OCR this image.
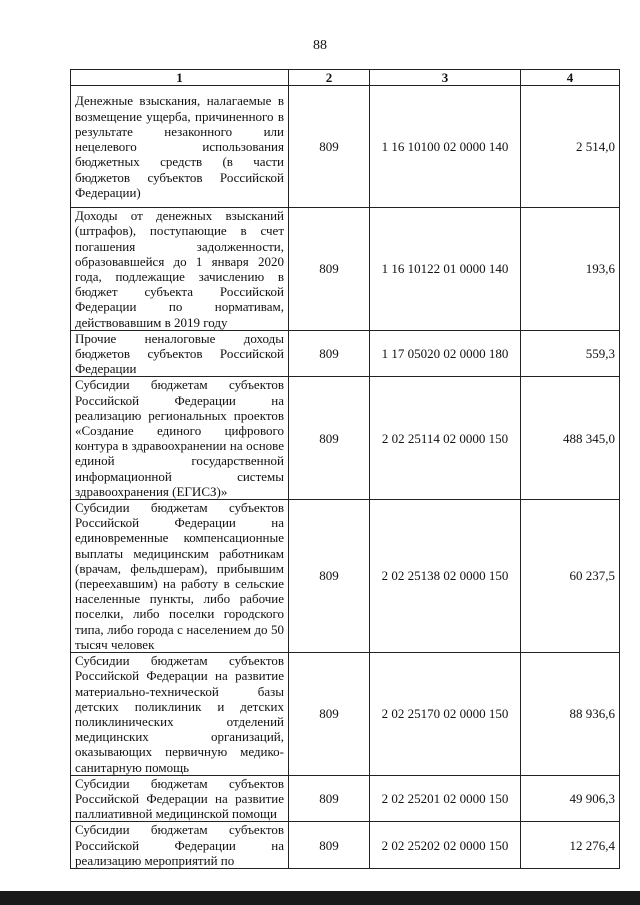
88
1	2	3	4
Денежные взыскания, налагаемые в возмещение ущерба, причиненного в результате незаконного или нецелевого использования бюджетных средств (в части бюджетов субъектов Российской Федерации)	809	1 16 10100 02 0000 140	2 514,0
Доходы от денежных взысканий (штрафов), поступающие в счет погашения задолженности, образовавшейся до 1 января 2020 года, подлежащие зачислению в бюджет субъекта Российской Федерации по нормативам, действовавшим в 2019 году	809	1 16 10122 01 0000 140	193,6
Прочие неналоговые доходы бюджетов субъектов Российской Федерации	809	1 17 05020 02 0000 180	559,3
Субсидии бюджетам субъектов Российской Федерации на реализацию региональных проектов «Создание единого цифрового контура в здравоохранении на основе единой государственной информационной системы здравоохранения (ЕГИСЗ)»	809	2 02 25114 02 0000 150	488 345,0
Субсидии бюджетам субъектов Российской Федерации на единовременные компенсационные выплаты медицинским работникам (врачам, фельдшерам), прибывшим (переехавшим) на работу в сельские населенные пункты, либо рабочие поселки, либо поселки городского типа, либо города с населением до 50 тысяч человек	809	2 02 25138 02 0000 150	60 237,5
Субсидии бюджетам субъектов Российской Федерации на развитие материально-технической базы детских поликлиник и детских поликлинических отделений медицинских организаций, оказывающих первичную медико-санитарную помощь	809	2 02 25170 02 0000 150	88 936,6
Субсидии бюджетам субъектов Российской Федерации на развитие паллиативной медицинской помощи	809	2 02 25201 02 0000 150	49 906,3
Субсидии бюджетам субъектов Российской Федерации на реализацию мероприятий по	809	2 02 25202 02 0000 150	12 276,4
